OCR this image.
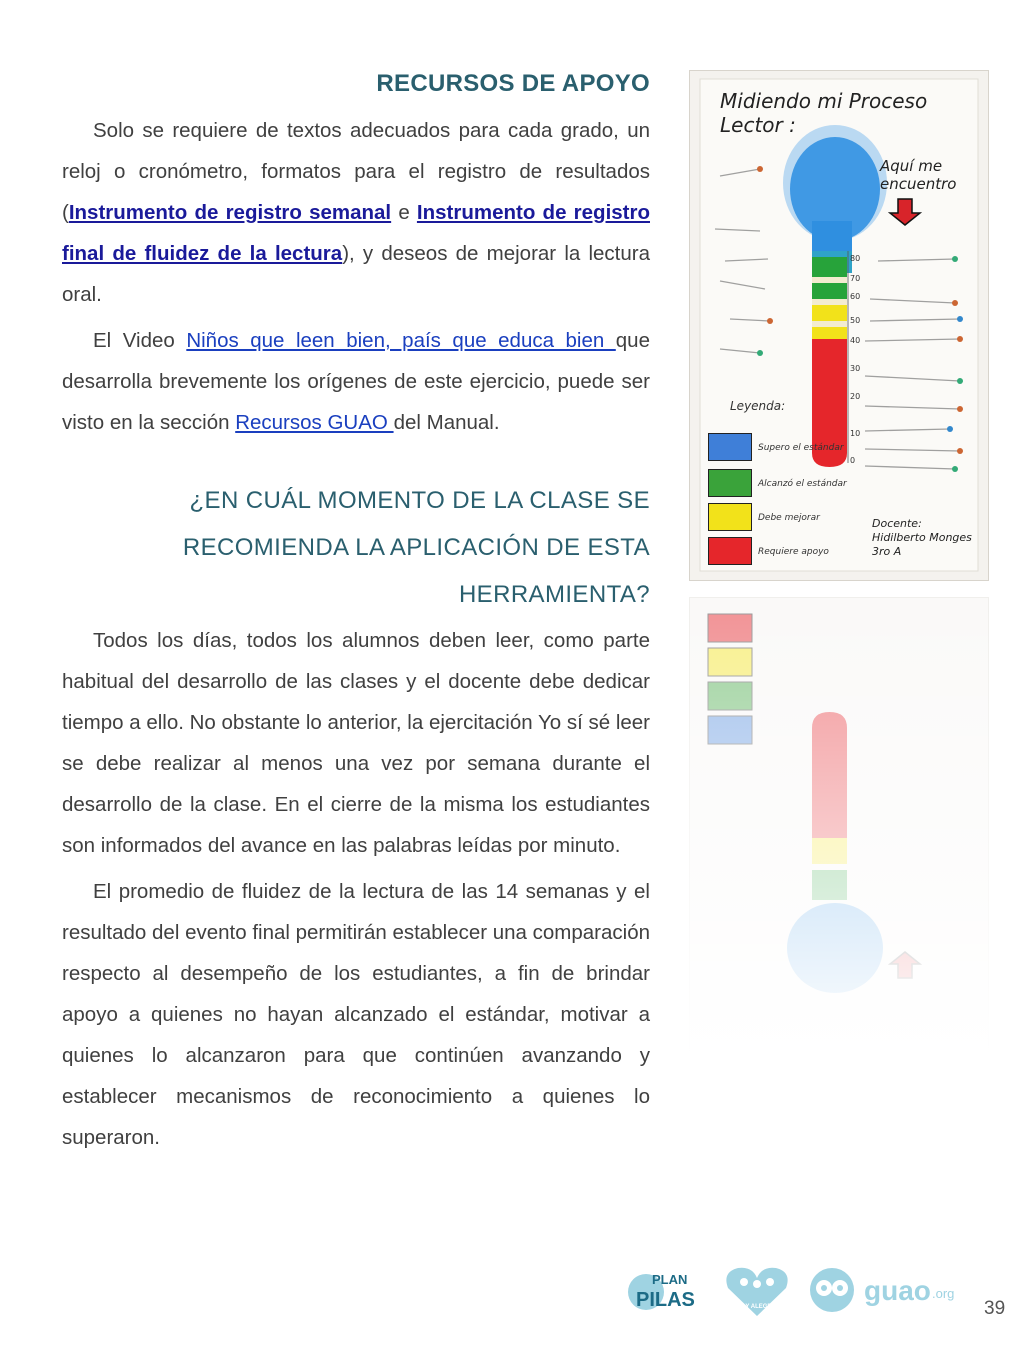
RECURSOS DE APOYO

Solo se requiere de textos adecuados para cada grado, un reloj o cronómetro, formatos para el registro de resultados (Instrumento de registro semanal e Instrumento de registro final de fluidez de la lectura), y deseos de mejorar la lectura oral.

El Video Niños que leen bien, país que educa bien que desarrolla brevemente los orígenes de este ejercicio, puede ser visto en la sección Recursos GUAO del Manual.

¿EN CUÁL MOMENTO DE LA CLASE SE
RECOMIENDA LA APLICACIÓN DE ESTA
HERRAMIENTA?

Todos los días, todos los alumnos deben leer, como parte habitual del desarrollo de las clases y el docente debe dedicar tiempo a ello. No obstante lo anterior, la ejercitación Yo sí sé leer se debe realizar al menos una vez por semana durante el desarrollo de la clase. En el cierre de la misma los estudiantes son informados del avance en las palabras leídas por minuto.

El promedio de fluidez de la lectura de las 14 semanas y el resultado del evento final permitirán establecer una comparación respecto al desempeño de los estudiantes, a fin de brindar apoyo a quienes no hayan alcanzado el estándar, motivar a quienes lo alcanzaron para que continúen avanzando y establecer mecanismos de reconocimiento a quienes lo superaron.

80
70
60
50
40
30
20
10
0
Midiendo mi Proceso Lector :
Aquí me
encuentro
Leyenda:
Supero el estándar
Alcanzó el estándar
Debe mejorar
Requiere apoyo
Docente:
Hidilberto Monges
3ro A
PLAN
PILAS	FE Y ALEGRÍA
guao .org
39
